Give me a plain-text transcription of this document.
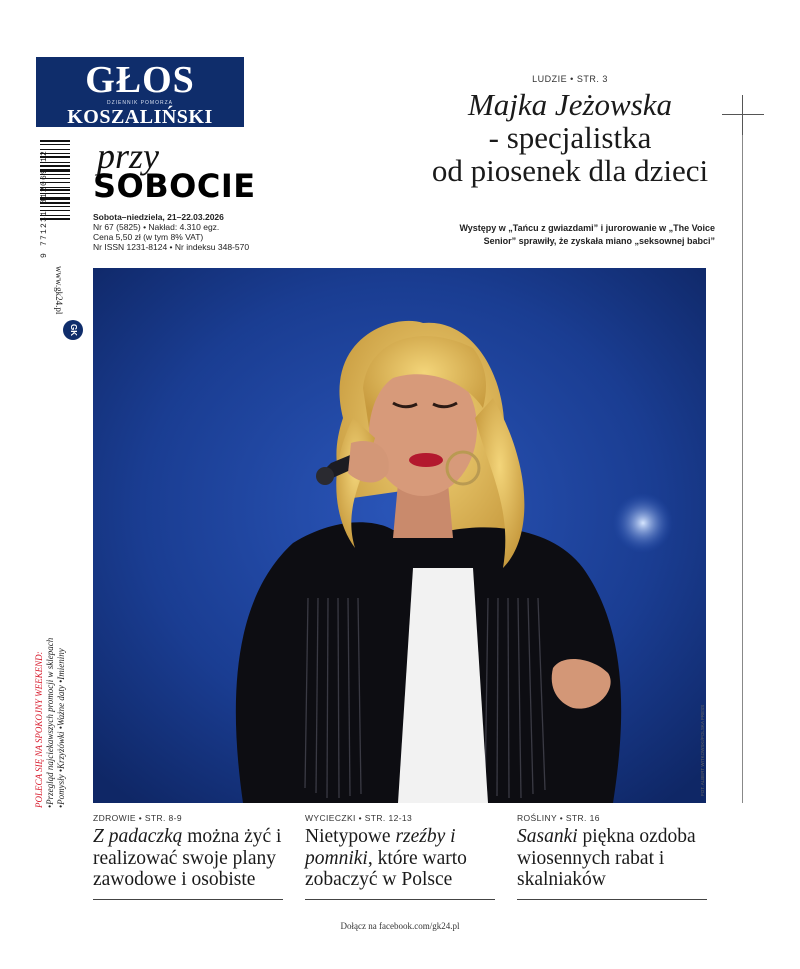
GŁOS
DZIENNIK POMORZA
KOSZALIŃSKI
9 771231 812069 12 przy
SOBOCIE
Sobota–niedziela, 21–22.03.2026
Nr 67 (5825) • Nakład: 4.310 egz.
Cena 5,50 zł (w tym 8% VAT)
Nr ISSN 1231-8124 • Nr indeksu 348-570
www.gk24.pl
GK
POLECA SIĘ NA SPOKOJNY WEEKEND: •Przegląd najciekawszych promocji w sklepach •Pomysły •Krzyżówki •Ważne daty •Imieniny
LUDZIE • STR. 3
Majka Jeżowska
- specjalistka
od piosenek dla dzieci
Występy w „Tańcu z gwiazdami” i jurorowanie w „The Voice
Senior” sprawiły, że zyskała miano „seksownej babci”
FOT. ALBERT WITKOWSKI/POLSKA PRESS
ZDROWIE • STR. 8-9
Z padaczką można żyć i realizować swoje plany zawodowe i osobiste
WYCIECZKI • STR. 12-13
Nietypowe rzeźby i pomniki, które warto zobaczyć w Polsce
ROŚLINY • STR. 16
Sasanki piękna ozdoba wiosennych rabat i skalniaków
Dołącz na facebook.com/gk24.pl
